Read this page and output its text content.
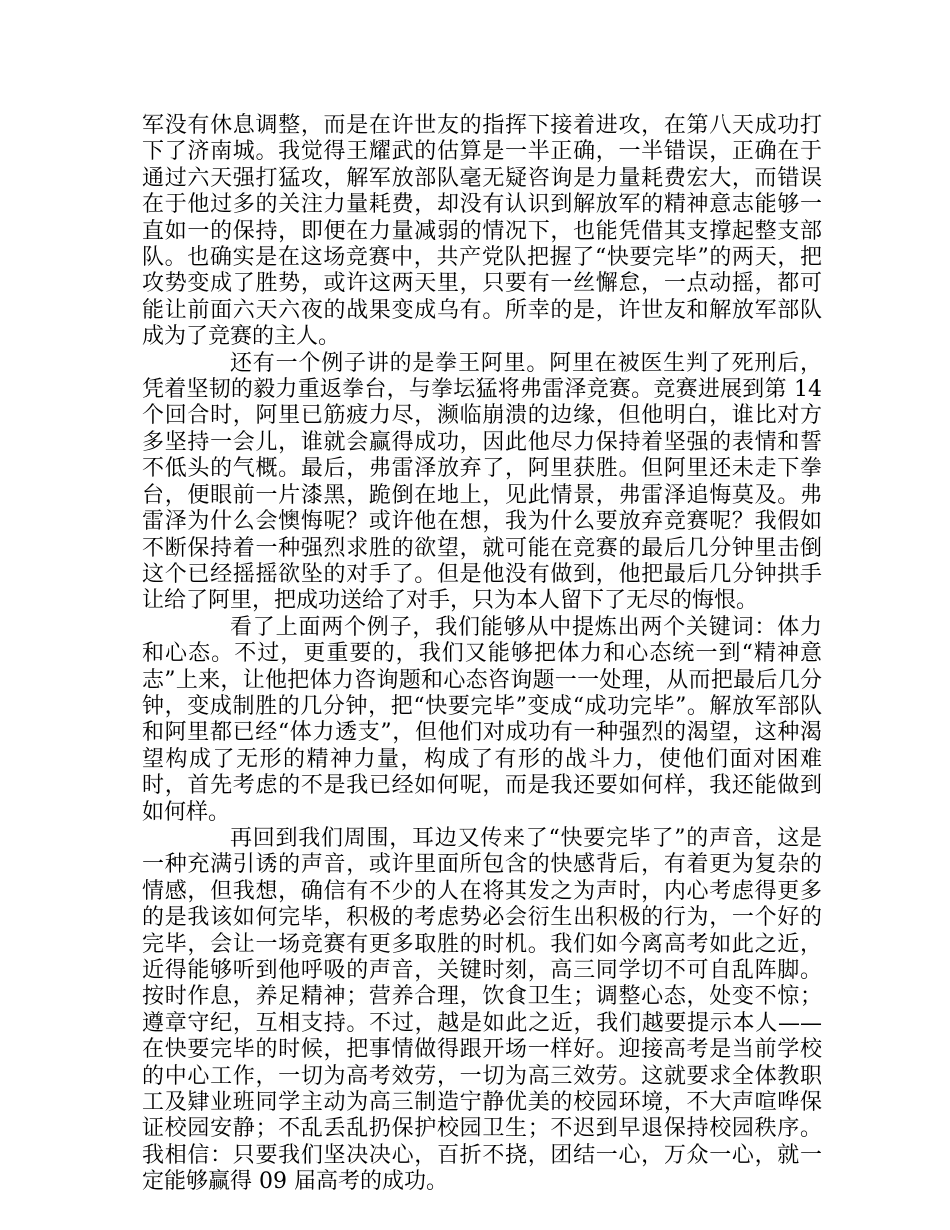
军没有休息调整，而是在许世友的指挥下接着进攻，在第八天成功打下了济南城。我觉得王耀武的估算是一半正确，一半错误，正确在于通过六天强打猛攻，解军放部队毫无疑咨询是力量耗费宏大，而错误在于他过多的关注力量耗费，却没有认识到解放军的精神意志能够一直如一的保持，即便在力量减弱的情况下，也能凭借其支撑起整支部队。也确实是在这场竞赛中，共产党队把握了“快要完毕”的两天，把攻势变成了胜势，或许这两天里，只要有一丝懈怠，一点动摇，都可能让前面六天六夜的战果变成乌有。所幸的是，许世友和解放军部队成为了竞赛的主人。

还有一个例子讲的是拳王阿里。阿里在被医生判了死刑后，凭着坚韧的毅力重返拳台，与拳坛猛将弗雷泽竞赛。竞赛进展到第 14 个回合时，阿里已筋疲力尽，濒临崩溃的边缘，但他明白，谁比对方多坚持一会儿，谁就会赢得成功，因此他尽力保持着坚强的表情和誓不低头的气概。最后，弗雷泽放弃了，阿里获胜。但阿里还未走下拳台，便眼前一片漆黑，跪倒在地上，见此情景，弗雷泽追悔莫及。弗雷泽为什么会懊悔呢？或许他在想，我为什么要放弃竞赛呢？我假如不断保持着一种强烈求胜的欲望，就可能在竞赛的最后几分钟里击倒这个已经摇摇欲坠的对手了。但是他没有做到，他把最后几分钟拱手让给了阿里，把成功送给了对手，只为本人留下了无尽的悔恨。

看了上面两个例子，我们能够从中提炼出两个关键词：体力和心态。不过，更重要的，我们又能够把体力和心态统一到“精神意志”上来，让他把体力咨询题和心态咨询题一一处理，从而把最后几分钟，变成制胜的几分钟，把“快要完毕”变成“成功完毕”。解放军部队和阿里都已经“体力透支”，但他们对成功有一种强烈的渴望，这种渴望构成了无形的精神力量，构成了有形的战斗力，使他们面对困难时，首先考虑的不是我已经如何呢，而是我还要如何样，我还能做到如何样。

再回到我们周围，耳边又传来了“快要完毕了”的声音，这是一种充满引诱的声音，或许里面所包含的快感背后，有着更为复杂的情感，但我想，确信有不少的人在将其发之为声时，内心考虑得更多的是我该如何完毕，积极的考虑势必会衍生出积极的行为，一个好的完毕，会让一场竞赛有更多取胜的时机。我们如今离高考如此之近，近得能够听到他呼吸的声音，关键时刻，高三同学切不可自乱阵脚。按时作息，养足精神；营养合理，饮食卫生；调整心态，处变不惊；遵章守纪，互相支持。不过，越是如此之近，我们越要提示本人——在快要完毕的时候，把事情做得跟开场一样好。迎接高考是当前学校的中心工作，一切为高考效劳，一切为高三效劳。这就要求全体教职工及肄业班同学主动为高三制造宁静优美的校园环境，不大声喧哗保证校园安静；不乱丢乱扔保护校园卫生；不迟到早退保持校园秩序。我相信：只要我们坚决决心，百折不挠，团结一心，万众一心，就一定能够赢得 09 届高考的成功。
